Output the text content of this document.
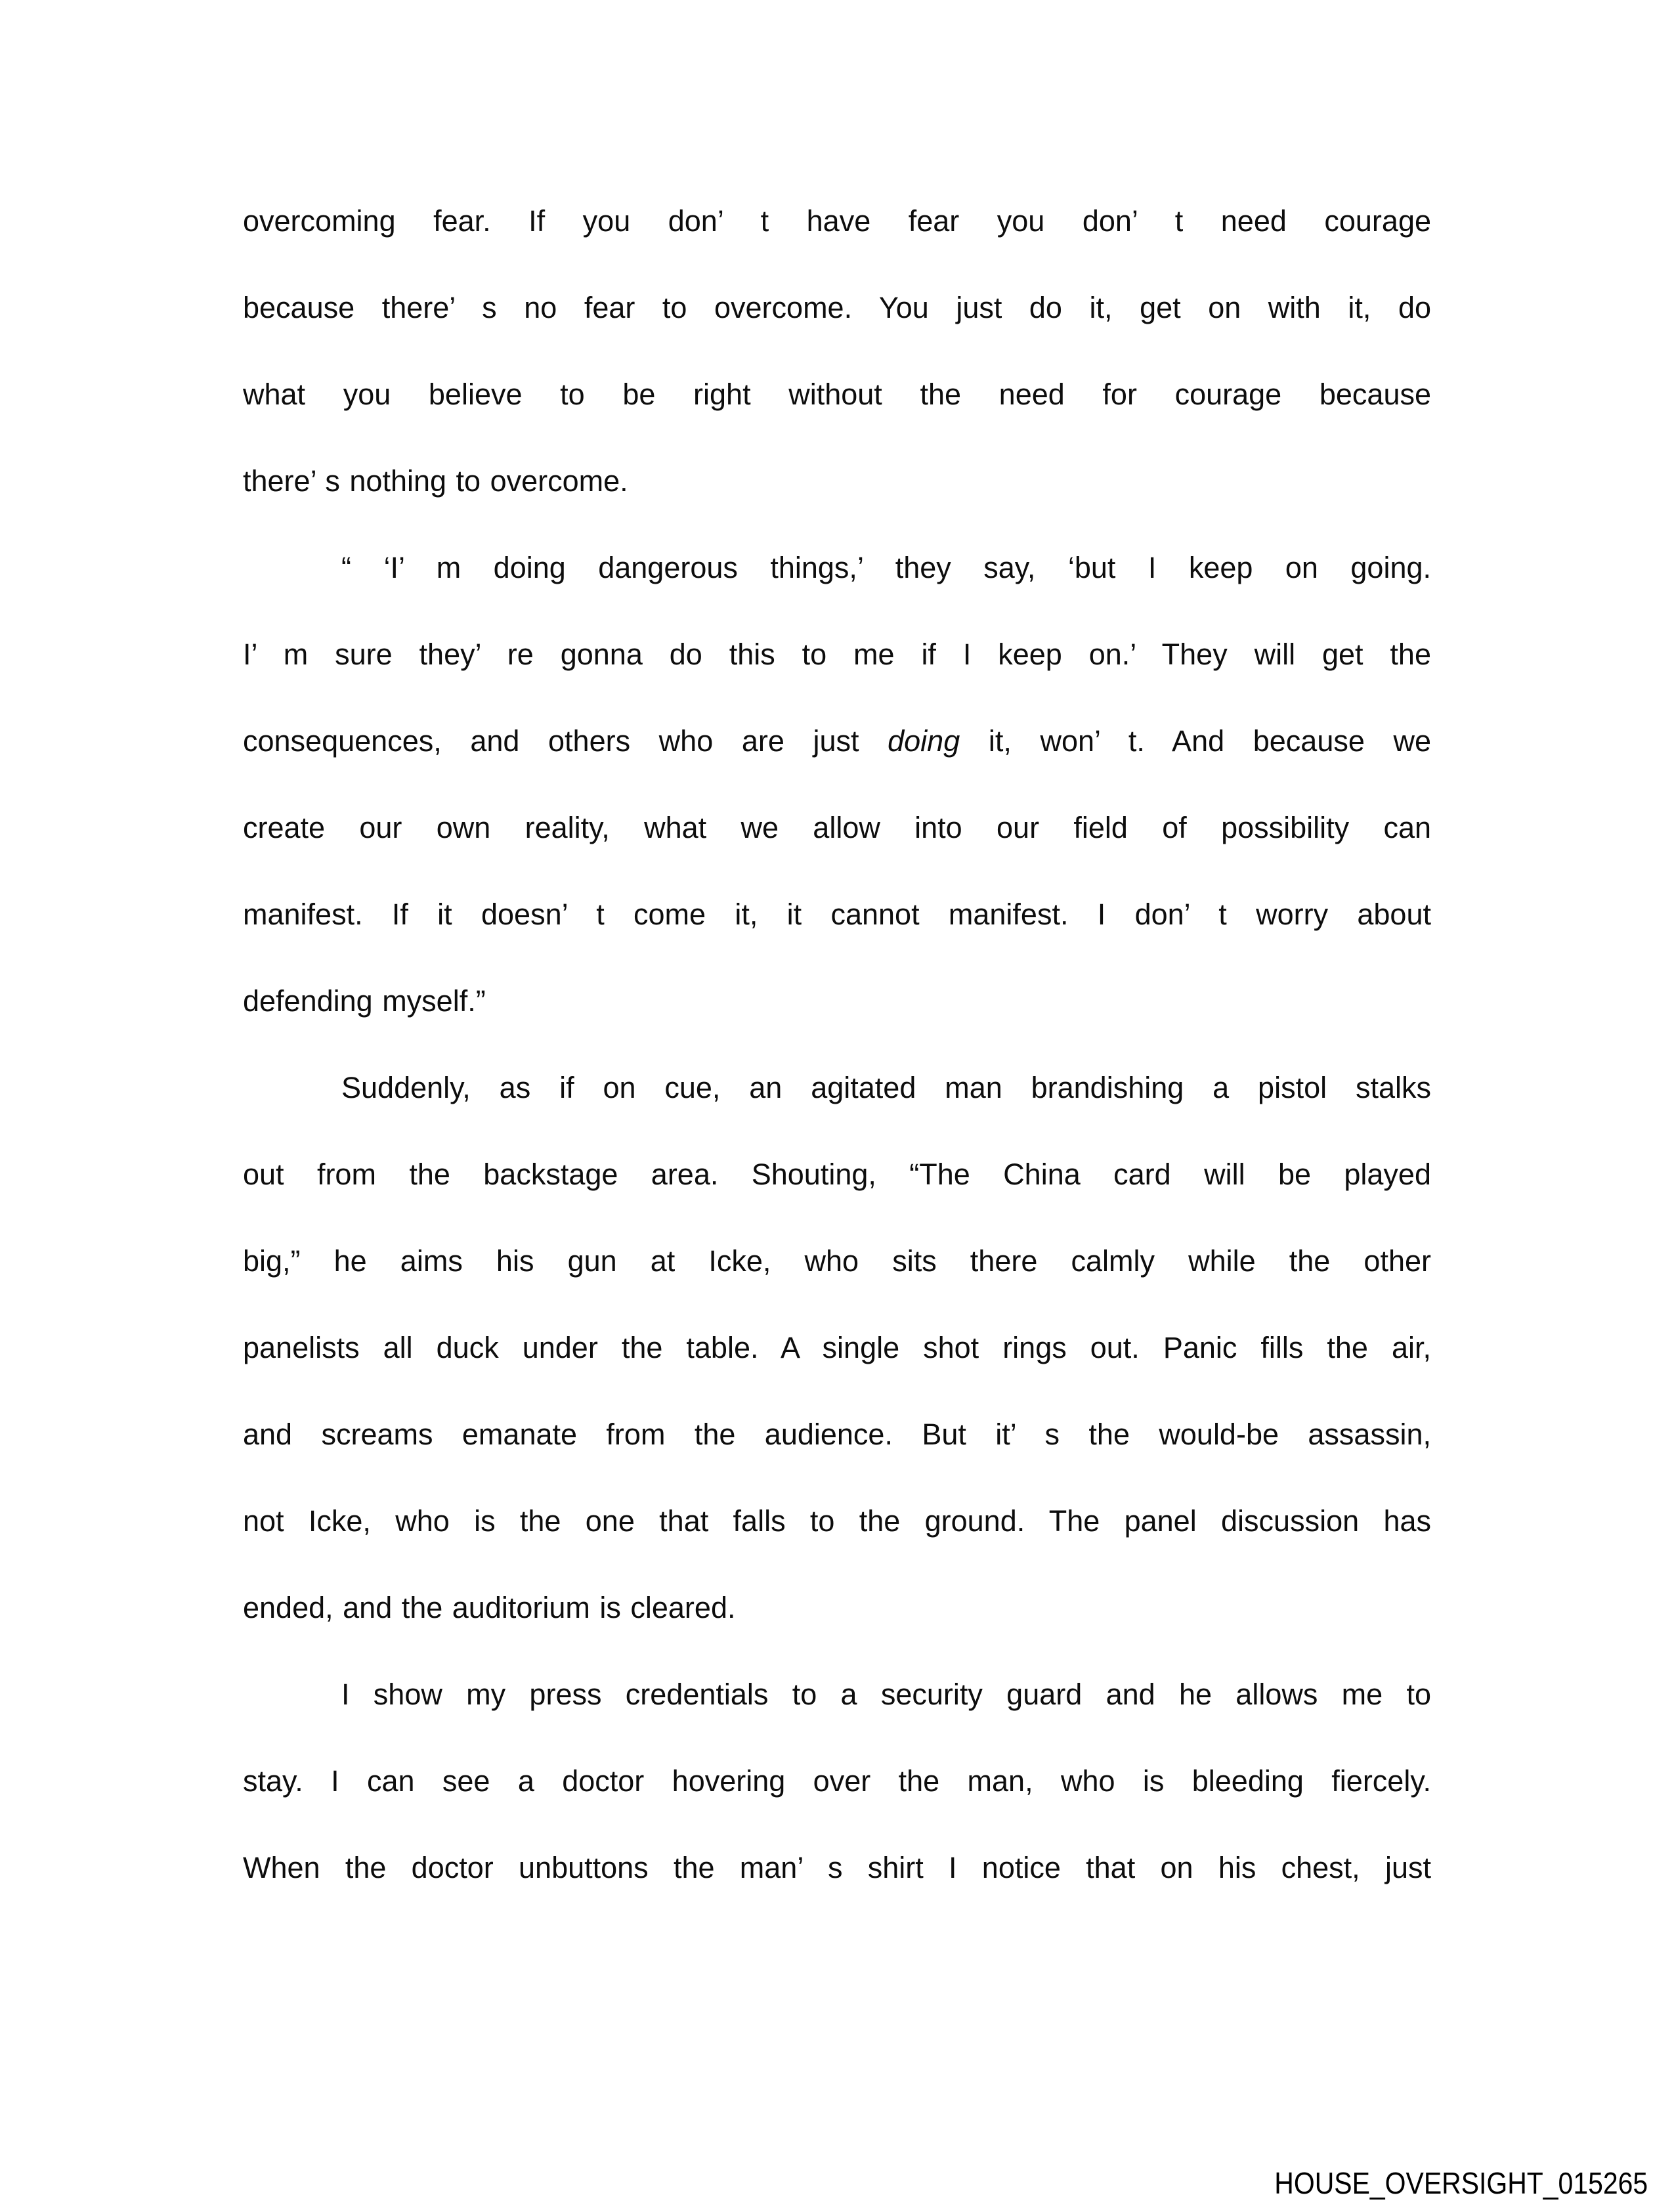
overcoming fear. If you don’ t have fear you don’ t need courage
because there’ s no fear to overcome. You just do it, get on with it, do
what you believe to be right without the need for courage because
there’ s nothing to overcome.
“ ‘I’ m doing dangerous things,’ they say, ‘but I keep on going.
I’ m sure they’ re gonna do this to me if I keep on.’ They will get the
consequences, and others who are just doing it, won’ t. And because we
create our own reality, what we allow into our field of possibility can
manifest. If it doesn’ t come it, it cannot manifest. I don’ t worry about
defending myself.”
Suddenly, as if on cue, an agitated man brandishing a pistol stalks
out from the backstage area. Shouting, “The China card will be played
big,” he aims his gun at Icke, who sits there calmly while the other
panelists all duck under the table. A single shot rings out. Panic fills the air,
and screams emanate from the audience. But it’ s the would-be assassin,
not Icke, who is the one that falls to the ground. The panel discussion has
ended, and the auditorium is cleared.
I show my press credentials to a security guard and he allows me to
stay. I can see a doctor hovering over the man, who is bleeding fiercely.
When the doctor unbuttons the man’ s shirt I notice that on his chest, just
HOUSE_OVERSIGHT_015265
